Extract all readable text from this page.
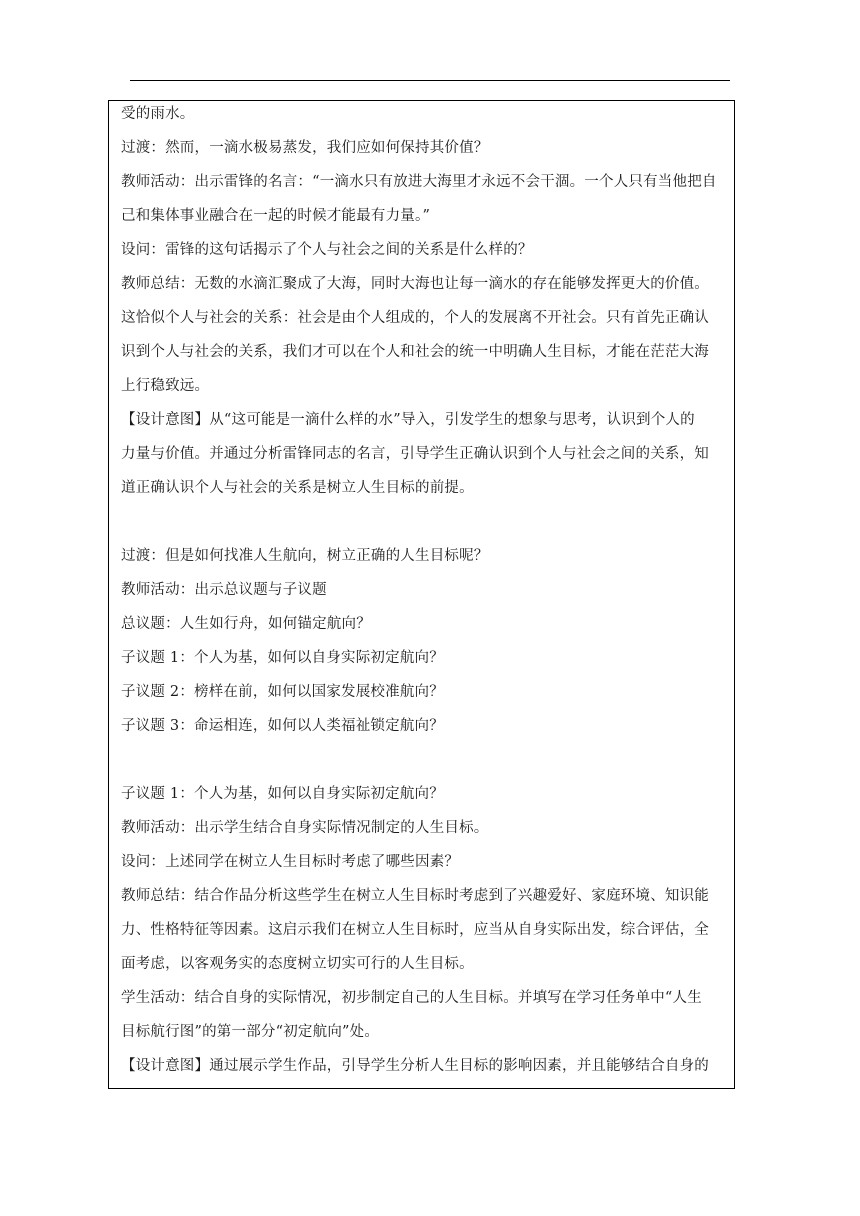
受的雨水。
过渡：然而，一滴水极易蒸发，我们应如何保持其价值？
教师活动：出示雷锋的名言：“一滴水只有放进大海里才永远不会干涸。一个人只有当他把自
己和集体事业融合在一起的时候才能最有力量。”
设问：雷锋的这句话揭示了个人与社会之间的关系是什么样的？
教师总结：无数的水滴汇聚成了大海，同时大海也让每一滴水的存在能够发挥更大的价值。
这恰似个人与社会的关系：社会是由个人组成的，个人的发展离不开社会。只有首先正确认
识到个人与社会的关系，我们才可以在个人和社会的统一中明确人生目标，才能在茫茫大海
上行稳致远。
【设计意图】从“这可能是一滴什么样的水”导入，引发学生的想象与思考，认识到个人的
力量与价值。并通过分析雷锋同志的名言，引导学生正确认识到个人与社会之间的关系，知
道正确认识个人与社会的关系是树立人生目标的前提。
过渡：但是如何找准人生航向，树立正确的人生目标呢？
教师活动：出示总议题与子议题
总议题：人生如行舟，如何锚定航向？
子议题 1：个人为基，如何以自身实际初定航向？
子议题 2：榜样在前，如何以国家发展校准航向？
子议题 3：命运相连，如何以人类福祉锁定航向？
子议题 1：个人为基，如何以自身实际初定航向？
教师活动：出示学生结合自身实际情况制定的人生目标。
设问：上述同学在树立人生目标时考虑了哪些因素？
教师总结：结合作品分析这些学生在树立人生目标时考虑到了兴趣爱好、家庭环境、知识能
力、性格特征等因素。这启示我们在树立人生目标时，应当从自身实际出发，综合评估，全
面考虑，以客观务实的态度树立切实可行的人生目标。
学生活动：结合自身的实际情况，初步制定自己的人生目标。并填写在学习任务单中“人生
目标航行图”的第一部分“初定航向”处。
【设计意图】通过展示学生作品，引导学生分析人生目标的影响因素，并且能够结合自身的
